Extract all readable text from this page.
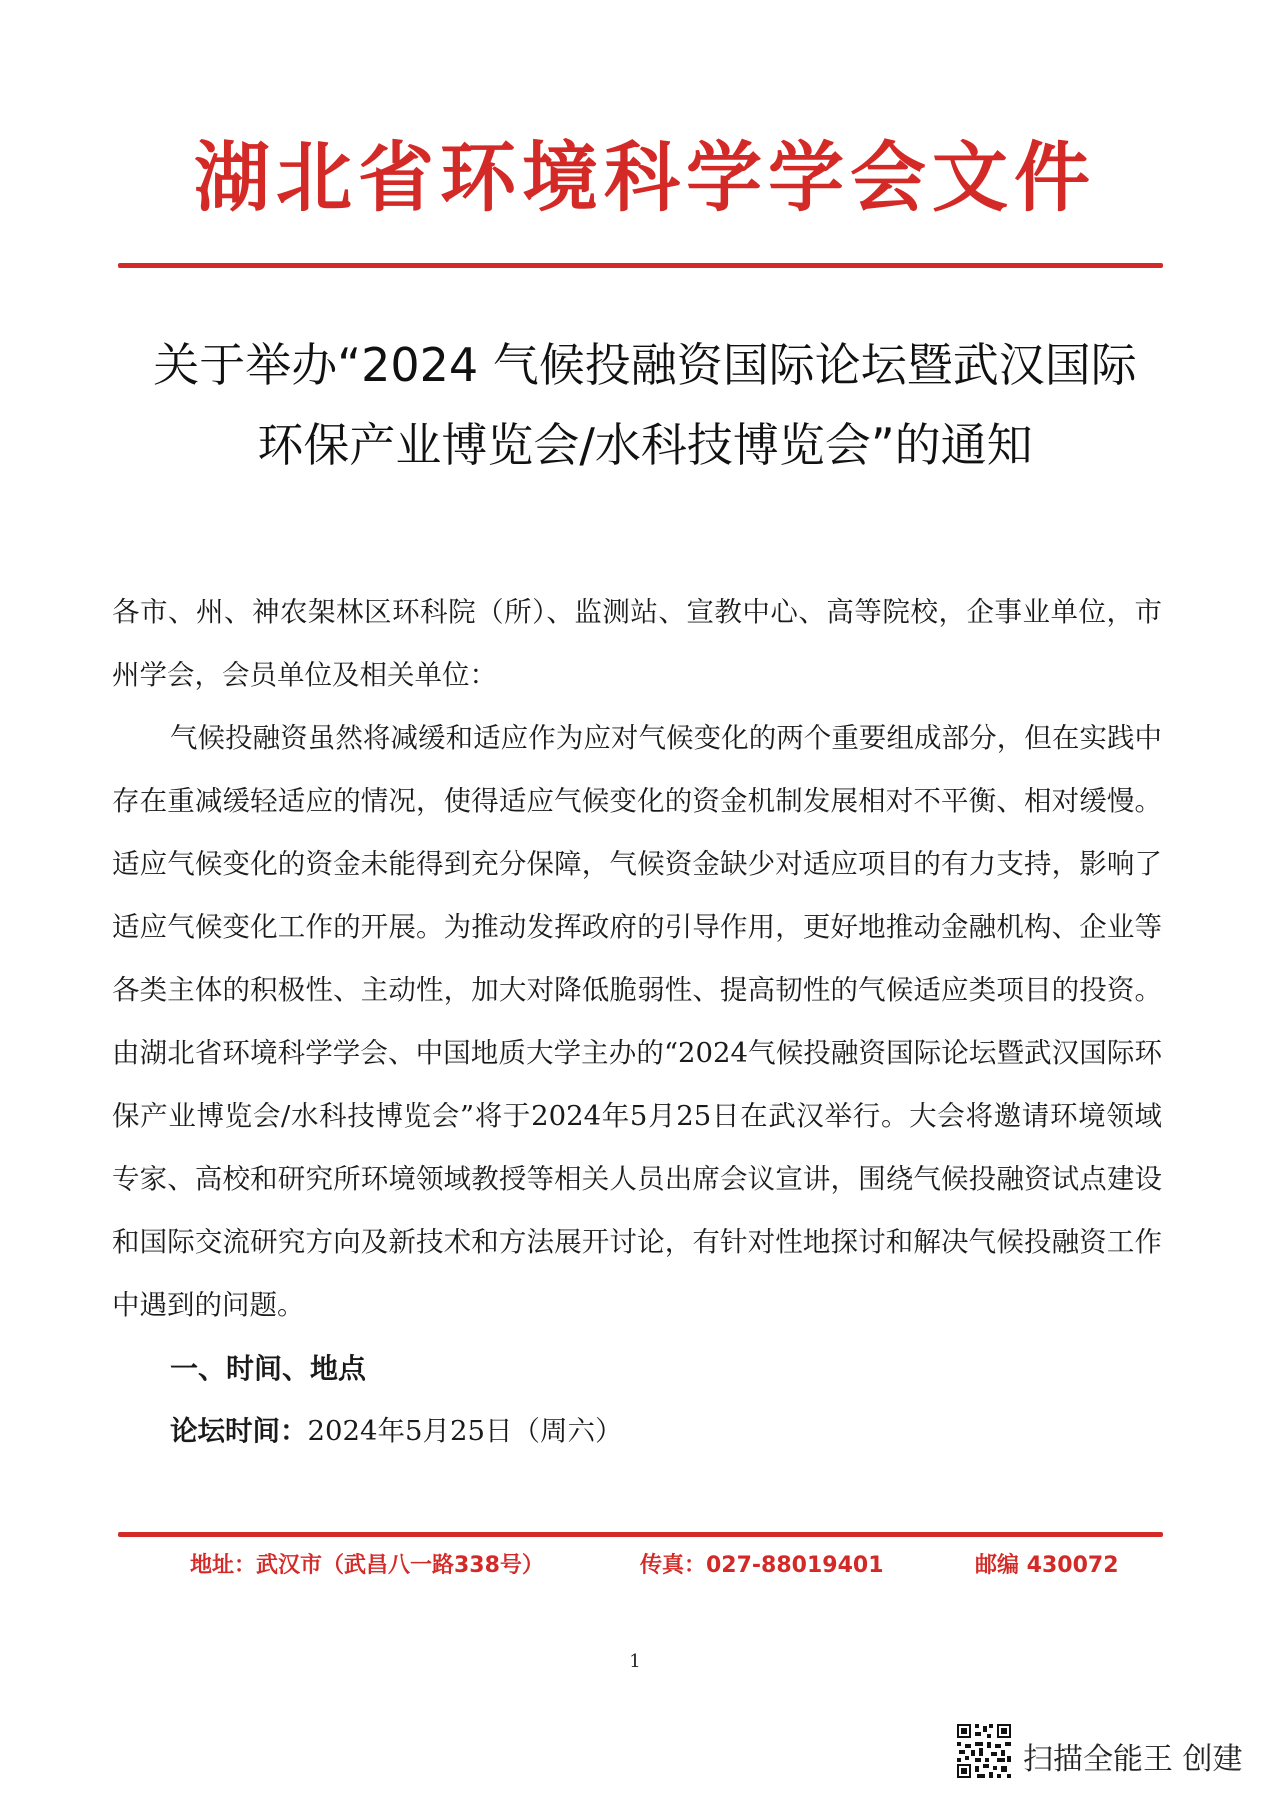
湖北省环境科学学会文件
关于举办“2024 气候投融资国际论坛暨武汉国际
环保产业博览会/水科技博览会”的通知

各市、州、神农架林区环科院（所）、监测站、宣教中心、高等院校，企事业单位，市州学会，会员单位及相关单位：

气候投融资虽然将减缓和适应作为应对气候变化的两个重要组成部分，但在实践中存在重减缓轻适应的情况，使得适应气候变化的资金机制发展相对不平衡、相对缓慢。适应气候变化的资金未能得到充分保障，气候资金缺少对适应项目的有力支持，影响了适应气候变化工作的开展。为推动发挥政府的引导作用，更好地推动金融机构、企业等各类主体的积极性、主动性，加大对降低脆弱性、提高韧性的气候适应类项目的投资。由湖北省环境科学学会、中国地质大学主办的“2024气候投融资国际论坛暨武汉国际环保产业博览会/水科技博览会”将于2024年5月25日在武汉举行。大会将邀请环境领域专家、高校和研究所环境领域教授等相关人员出席会议宣讲，围绕气候投融资试点建设和国际交流研究方向及新技术和方法展开讨论，有针对性地探讨和解决气候投融资工作中遇到的问题。

一、时间、地点

论坛时间：2024年5月25日（周六）

地址：武汉市（武昌八一路338号）	传真：027-88019401	邮编 430072
1
扫描全能王 创建
